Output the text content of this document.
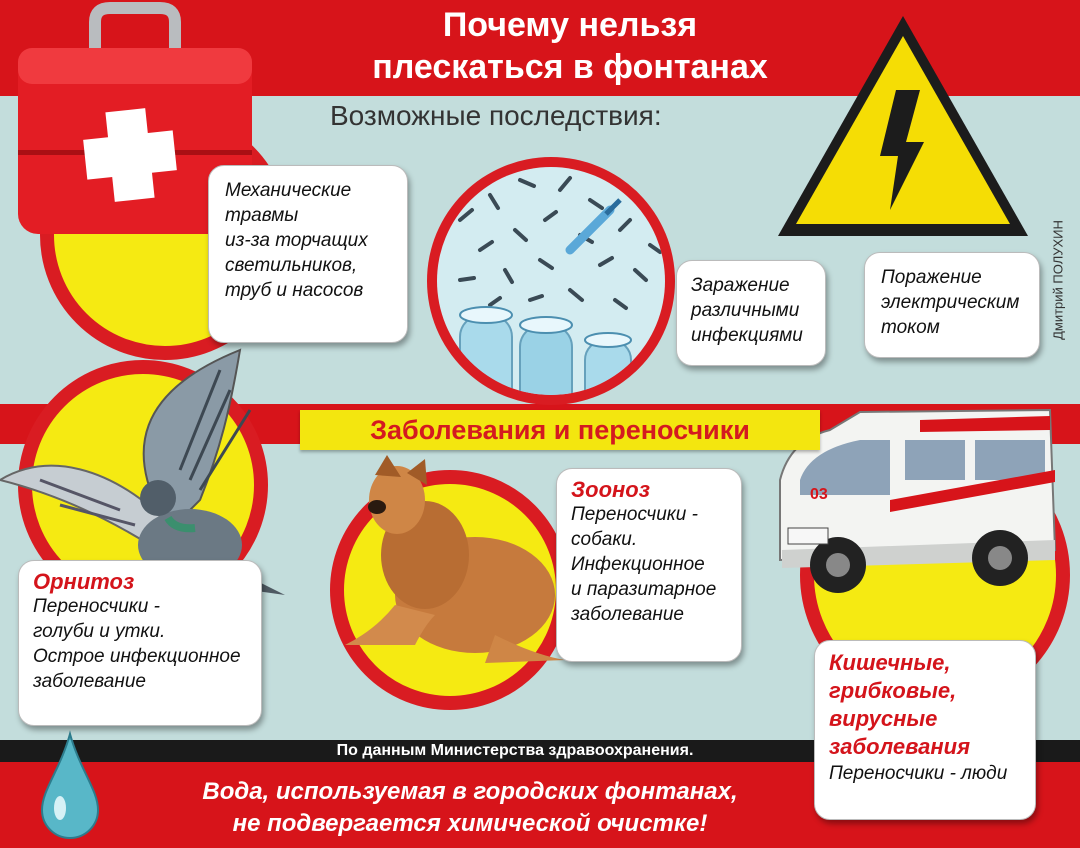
03
Почему нельзя
плескаться в фонтанах
Возможные последствия:
Дмитрий ПОЛУХИН
Заболевания и переносчики
Механические
травмы
из-за торчащих
светильников,
труб и насосов	Заражение
различными
инфекциями
Поражение
электрическим
током
Орнитоз
Переносчики -
голуби и утки.
Острое инфекционное
заболевание
Зооноз
Переносчики -
собаки.
Инфекционное
и паразитарное
заболевание
Кишечные,
грибковые,
вирусные
заболевания
Переносчики - люди
По данным Министерства здравоохранения.
Вода, используемая в городских фонтанах,
не подвергается химической очистке!
